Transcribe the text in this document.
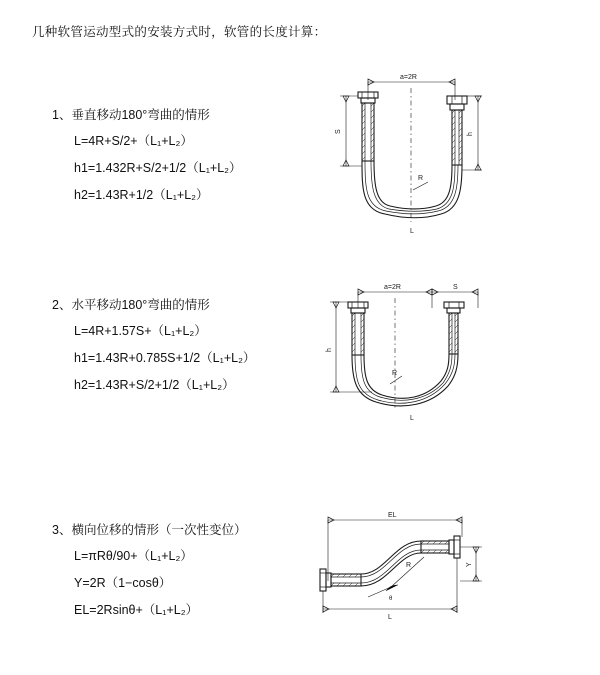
几种软管运动型式的安装方式时，软管的长度计算：
1、垂直移动180°弯曲的情形
L=4R+S/2+（L₁+L₂）
h1=1.432R+S/2+1/2（L₁+L₂）
h2=1.43R+1/2（L₁+L₂）
a=2R
h
S
R
L
2、水平移动180°弯曲的情形
L=4R+1.57S+（L₁+L₂）
h1=1.43R+0.785S+1/2（L₁+L₂）
h2=1.43R+S/2+1/2（L₁+L₂）
a=2R	S
h
R
L
3、横向位移的情形（一次性变位）
L=πRθ/90+（L₁+L₂）
Y=2R（1−cosθ）
EL=2Rsinθ+（L₁+L₂）
EL
Y
L
R
θ
